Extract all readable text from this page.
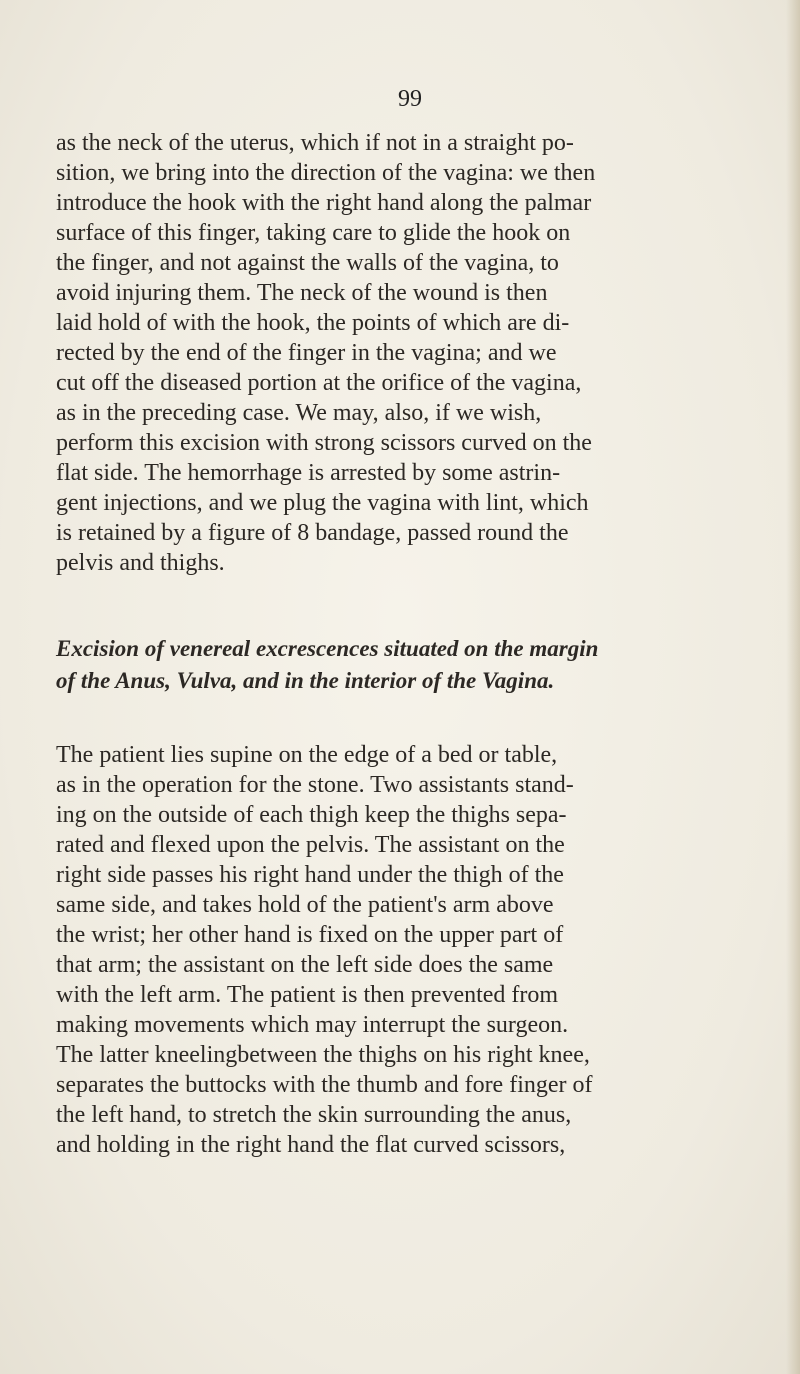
99
as the neck of the uterus, which if not in a straight po-
sition, we bring into the direction of the vagina: we then
introduce the hook with the right hand along the palmar
surface of this finger, taking care to glide the hook on
the finger, and not against the walls of the vagina, to
avoid injuring them. The neck of the wound is then
laid hold of with the hook, the points of which are di-
rected by the end of the finger in the vagina; and we
cut off the diseased portion at the orifice of the vagina,
as in the preceding case. We may, also, if we wish,
perform this excision with strong scissors curved on the
flat side. The hemorrhage is arrested by some astrin-
gent injections, and we plug the vagina with lint, which
is retained by a figure of 8 bandage, passed round the
pelvis and thighs.
Excision of venereal excrescences situated on the margin
of the Anus, Vulva, and in the interior of the Vagina.
The patient lies supine on the edge of a bed or table,
as in the operation for the stone. Two assistants stand-
ing on the outside of each thigh keep the thighs sepa-
rated and flexed upon the pelvis. The assistant on the
right side passes his right hand under the thigh of the
same side, and takes hold of the patient's arm above
the wrist; her other hand is fixed on the upper part of
that arm; the assistant on the left side does the same
with the left arm. The patient is then prevented from
making movements which may interrupt the surgeon.
The latter kneelingbetween the thighs on his right knee,
separates the buttocks with the thumb and fore finger of
the left hand, to stretch the skin surrounding the anus,
and holding in the right hand the flat curved scissors,
